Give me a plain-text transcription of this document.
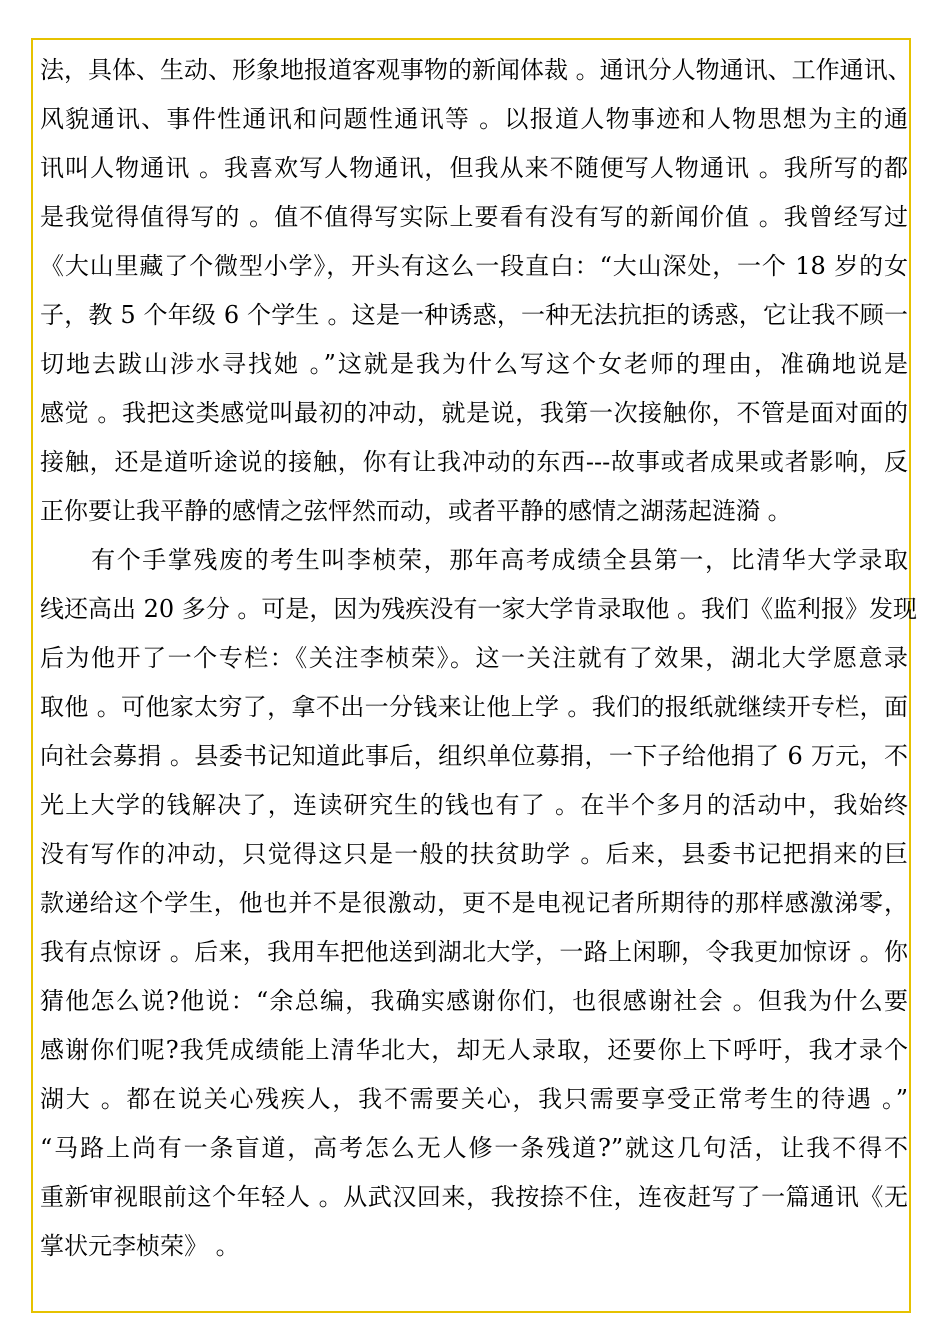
法，具体、生动、形象地报道客观事物的新闻体裁 。通讯分人物通讯、工作通讯、
风貌通讯、事件性通讯和问题性通讯等 。以报道人物事迹和人物思想为主的通
讯叫人物通讯 。我喜欢写人物通讯，但我从来不随便写人物通讯 。我所写的都
是我觉得值得写的 。值不值得写实际上要看有没有写的新闻价值 。我曾经写过
《大山里藏了个微型小学》，开头有这么一段直白：“大山深处，一个 18 岁的女
子，教 5 个年级 6 个学生 。这是一种诱惑，一种无法抗拒的诱惑，它让我不顾一
切地去跋山涉水寻找她 。”这就是我为什么写这个女老师的理由，准确地说是
感觉 。我把这类感觉叫最初的冲动，就是说，我第一次接触你，不管是面对面的
接触，还是道听途说的接触，你有让我冲动的东西---故事或者成果或者影响，反
正你要让我平静的感情之弦怦然而动，或者平静的感情之湖荡起涟漪 。
　　有个手掌残废的考生叫李桢荣，那年高考成绩全县第一，比清华大学录取
线还高出 20 多分 。可是，因为残疾没有一家大学肯录取他 。我们《监利报》发现
后为他开了一个专栏：《关注李桢荣》。这一关注就有了效果，湖北大学愿意录
取他 。可他家太穷了，拿不出一分钱来让他上学 。我们的报纸就继续开专栏，面
向社会募捐 。县委书记知道此事后，组织单位募捐，一下子给他捐了 6 万元，不
光上大学的钱解决了，连读研究生的钱也有了 。在半个多月的活动中，我始终
没有写作的冲动，只觉得这只是一般的扶贫助学 。后来，县委书记把捐来的巨
款递给这个学生，他也并不是很激动，更不是电视记者所期待的那样感激涕零，
我有点惊讶 。后来，我用车把他送到湖北大学，一路上闲聊，令我更加惊讶 。你
猜他怎么说?他说：“余总编，我确实感谢你们，也很感谢社会 。但我为什么要
感谢你们呢?我凭成绩能上清华北大，却无人录取，还要你上下呼吁，我才录个
湖大 。都在说关心残疾人，我不需要关心，我只需要享受正常考生的待遇 。”
“马路上尚有一条盲道，高考怎么无人修一条残道?”就这几句活，让我不得不
重新审视眼前这个年轻人 。从武汉回来，我按捺不住，连夜赶写了一篇通讯《无
掌状元李桢荣》 。
